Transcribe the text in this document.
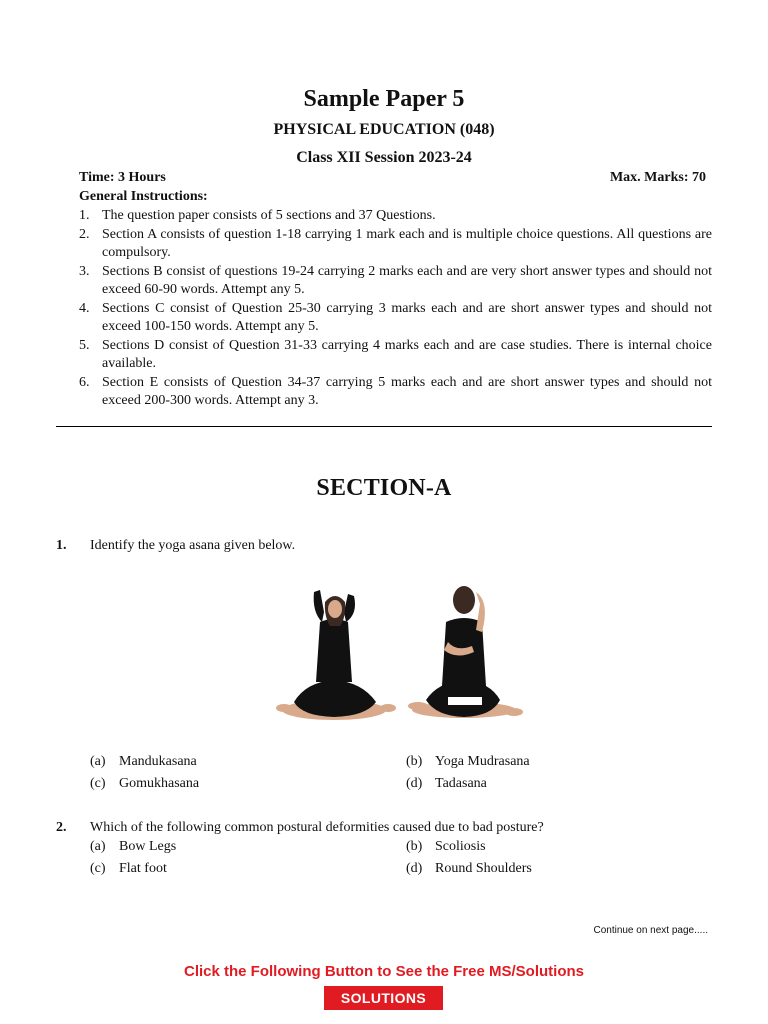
Sample Paper 5
PHYSICAL EDUCATION (048)
Class XII Session 2023-24
Time: 3 Hours	Max. Marks: 70
General Instructions:
1. The question paper consists of 5 sections and 37 Questions.
2. Section A consists of question 1-18 carrying 1 mark each and is multiple choice questions. All questions are compulsory.
3. Sections B consist of questions 19-24 carrying 2 marks each and are very short answer types and should not exceed 60-90 words. Attempt any 5.
4. Sections C consist of Question 25-30 carrying 3 marks each and are short answer types and should not exceed 100-150 words. Attempt any 5.
5. Sections D consist of Question 31-33 carrying 4 marks each and are case studies. There is internal choice available.
6. Section E consists of Question 34-37 carrying 5 marks each and are short answer types and should not exceed 200-300 words. Attempt any 3.
SECTION-A
1. Identify the yoga asana given below.
(a) Mandukasana	(b) Yoga Mudrasana
(c) Gomukhasana	(d) Tadasana
2. Which of the following common postural deformities caused due to bad posture?
(a) Bow Legs	(b) Scoliosis
(c) Flat foot	(d) Round Shoulders
Continue on next page.....
Click the Following Button to See the Free MS/Solutions
SOLUTIONS
